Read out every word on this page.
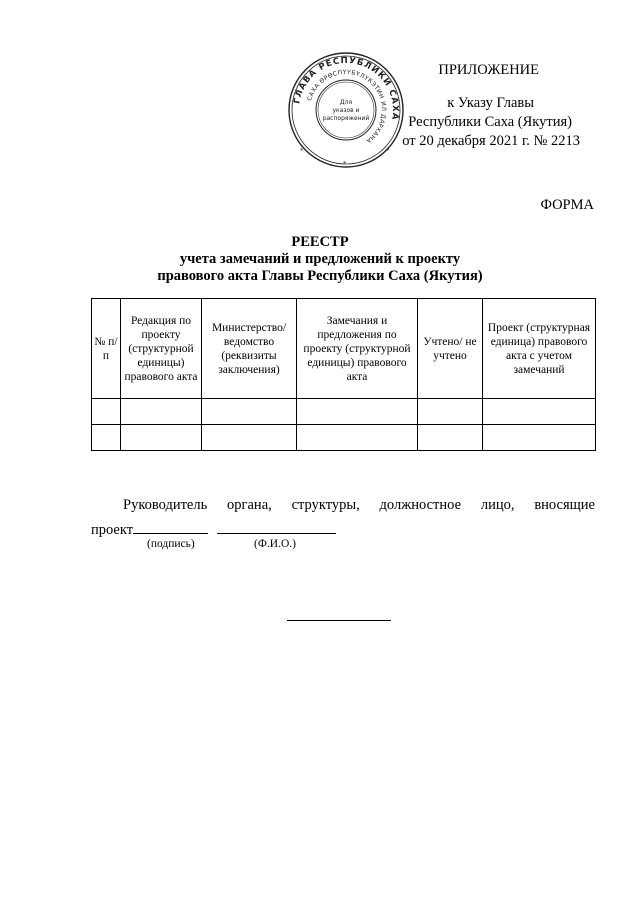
ГЛАВА РЕСПУБЛИКИ САХА
САХА ӨРӨСПҮҮБҮЛҮКЭТИН ИЛ ДАРХАНА
Для
указов и
распоряжений
*	*
*
ПРИЛОЖЕНИЕ
к Указу Главы
Республики Саха (Якутия)
от 20 декабря 2021 г. № 2213
ФОРМА
РЕЕСТР
учета замечаний и предложений к проекту
правового акта Главы Республики Саха (Якутия)
№ п/п	Редакция по проекту (структурной единицы) правового акта	Министерство/ ведомство (реквизиты заключения)	Замечания и предложения по проекту (структурной единицы) правового акта	Учтено/ не учтено	Проект (структурная единица) правового акта с учетом замечаний

Руководитель органа, структуры, должностное лицо, вносящие
проект
(подпись)	(Ф.И.О.)
